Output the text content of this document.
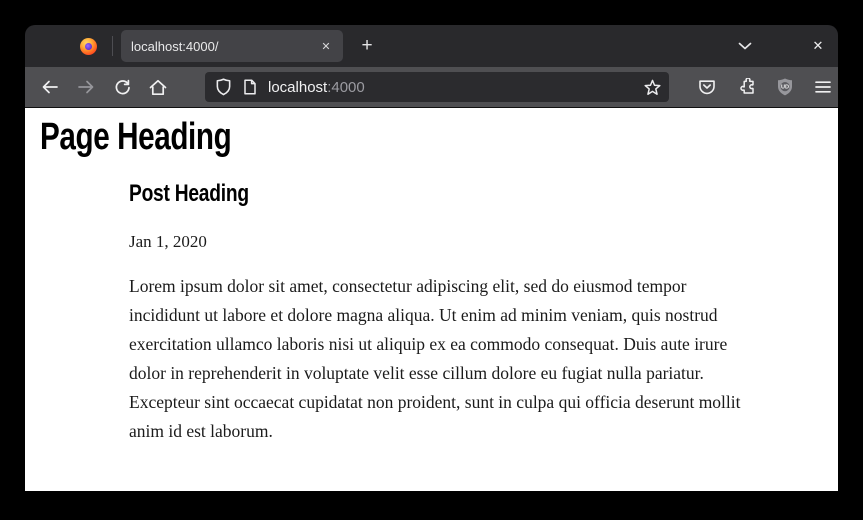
localhost:4000/	✕	+	✕
localhost:4000	UD
Page Heading
Post Heading
Jan 1, 2020

Lorem ipsum dolor sit amet, consectetur adipiscing elit, sed do eiusmod tempor incididunt ut labore et dolore magna aliqua. Ut enim ad minim veniam, quis nostrud exercitation ullamco laboris nisi ut aliquip ex ea commodo consequat. Duis aute irure dolor in reprehenderit in voluptate velit esse cillum dolore eu fugiat nulla pariatur. Excepteur sint occaecat cupidatat non proident, sunt in culpa qui officia deserunt mollit anim id est laborum.
